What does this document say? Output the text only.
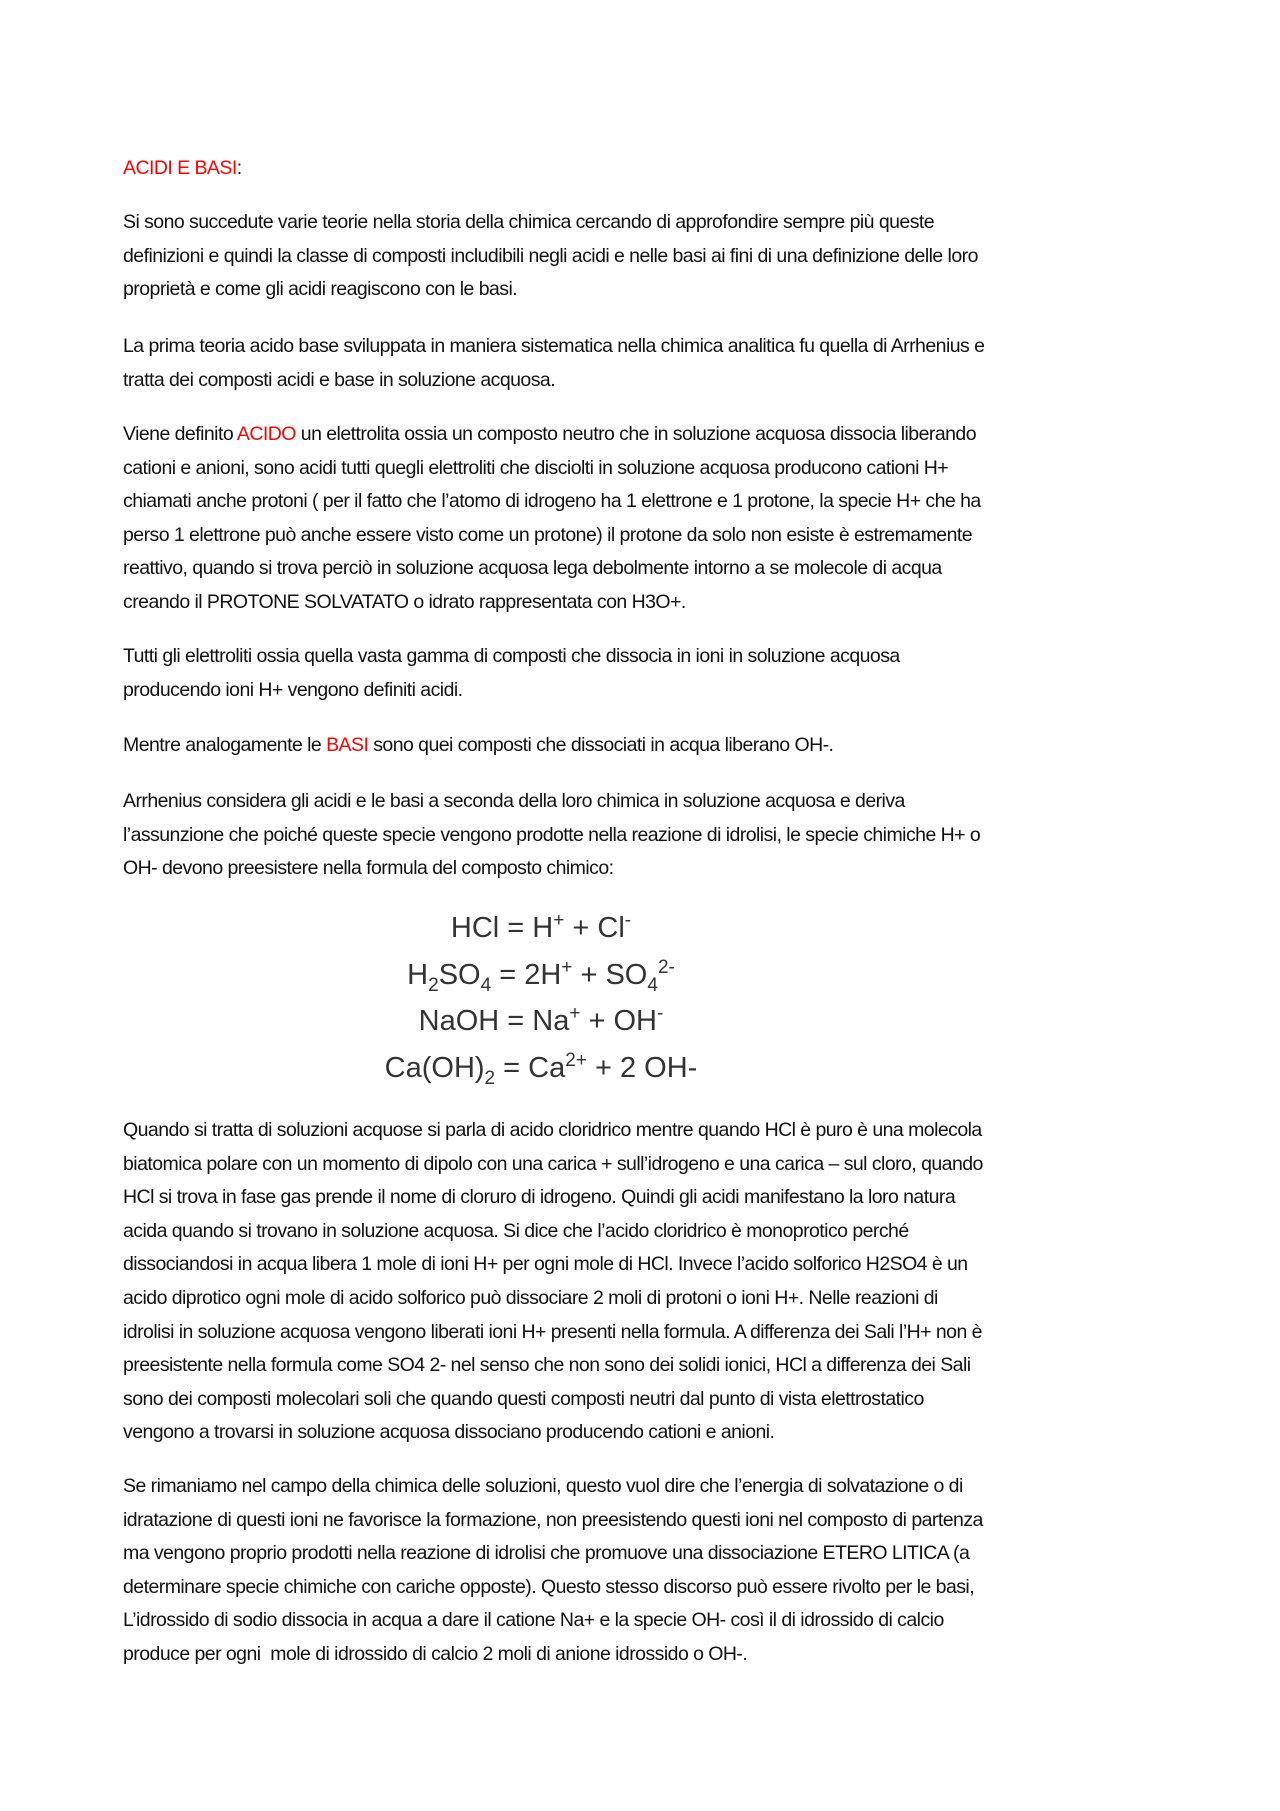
ACIDI E BASI:
Si sono succedute varie teorie nella storia della chimica cercando di approfondire sempre più queste
definizioni e quindi la classe di composti includibili negli acidi e nelle basi ai fini di una definizione delle loro
proprietà e come gli acidi reagiscono con le basi.
La prima teoria acido base sviluppata in maniera sistematica nella chimica analitica fu quella di Arrhenius e
tratta dei composti acidi e base in soluzione acquosa.
Viene definito ACIDO un elettrolita ossia un composto neutro che in soluzione acquosa dissocia liberando
cationi e anioni, sono acidi tutti quegli elettroliti che disciolti in soluzione acquosa producono cationi H+
chiamati anche protoni ( per il fatto che l’atomo di idrogeno ha 1 elettrone e 1 protone, la specie H+ che ha
perso 1 elettrone può anche essere visto come un protone) il protone da solo non esiste è estremamente
reattivo, quando si trova perciò in soluzione acquosa lega debolmente intorno a se molecole di acqua
creando il PROTONE SOLVATATO o idrato rappresentata con H3O+.
Tutti gli elettroliti ossia quella vasta gamma di composti che dissocia in ioni in soluzione acquosa
producendo ioni H+ vengono definiti acidi.
Mentre analogamente le BASI sono quei composti che dissociati in acqua liberano OH-.
Arrhenius considera gli acidi e le basi a seconda della loro chimica in soluzione acquosa e deriva
l’assunzione che poiché queste specie vengono prodotte nella reazione di idrolisi, le specie chimiche H+ o
OH- devono preesistere nella formula del composto chimico:
Quando si tratta di soluzioni acquose si parla di acido cloridrico mentre quando HCl è puro è una molecola
biatomica polare con un momento di dipolo con una carica + sull’idrogeno e una carica – sul cloro, quando
HCl si trova in fase gas prende il nome di cloruro di idrogeno. Quindi gli acidi manifestano la loro natura
acida quando si trovano in soluzione acquosa. Si dice che l’acido cloridrico è monoprotico perché
dissociandosi in acqua libera 1 mole di ioni H+ per ogni mole di HCl. Invece l’acido solforico H2SO4 è un
acido diprotico ogni mole di acido solforico può dissociare 2 moli di protoni o ioni H+. Nelle reazioni di
idrolisi in soluzione acquosa vengono liberati ioni H+ presenti nella formula. A differenza dei Sali l’H+ non è
preesistente nella formula come SO4 2- nel senso che non sono dei solidi ionici, HCl a differenza dei Sali
sono dei composti molecolari soli che quando questi composti neutri dal punto di vista elettrostatico
vengono a trovarsi in soluzione acquosa dissociano producendo cationi e anioni.
Se rimaniamo nel campo della chimica delle soluzioni, questo vuol dire che l’energia di solvatazione o di
idratazione di questi ioni ne favorisce la formazione, non preesistendo questi ioni nel composto di partenza
ma vengono proprio prodotti nella reazione di idrolisi che promuove una dissociazione ETERO LITICA (a
determinare specie chimiche con cariche opposte). Questo stesso discorso può essere rivolto per le basi,
L’idrossido di sodio dissocia in acqua a dare il catione Na+ e la specie OH- così il di idrossido di calcio
produce per ogni  mole di idrossido di calcio 2 moli di anione idrossido o OH-.
HCl = H+ + Cl-
$H_2SO_4 = 2H^+ + SO_4^{2-}$
NaOH = Na+ + OH-
$Ca(OH)_2 = Ca^{2+} + 2$ OH-
